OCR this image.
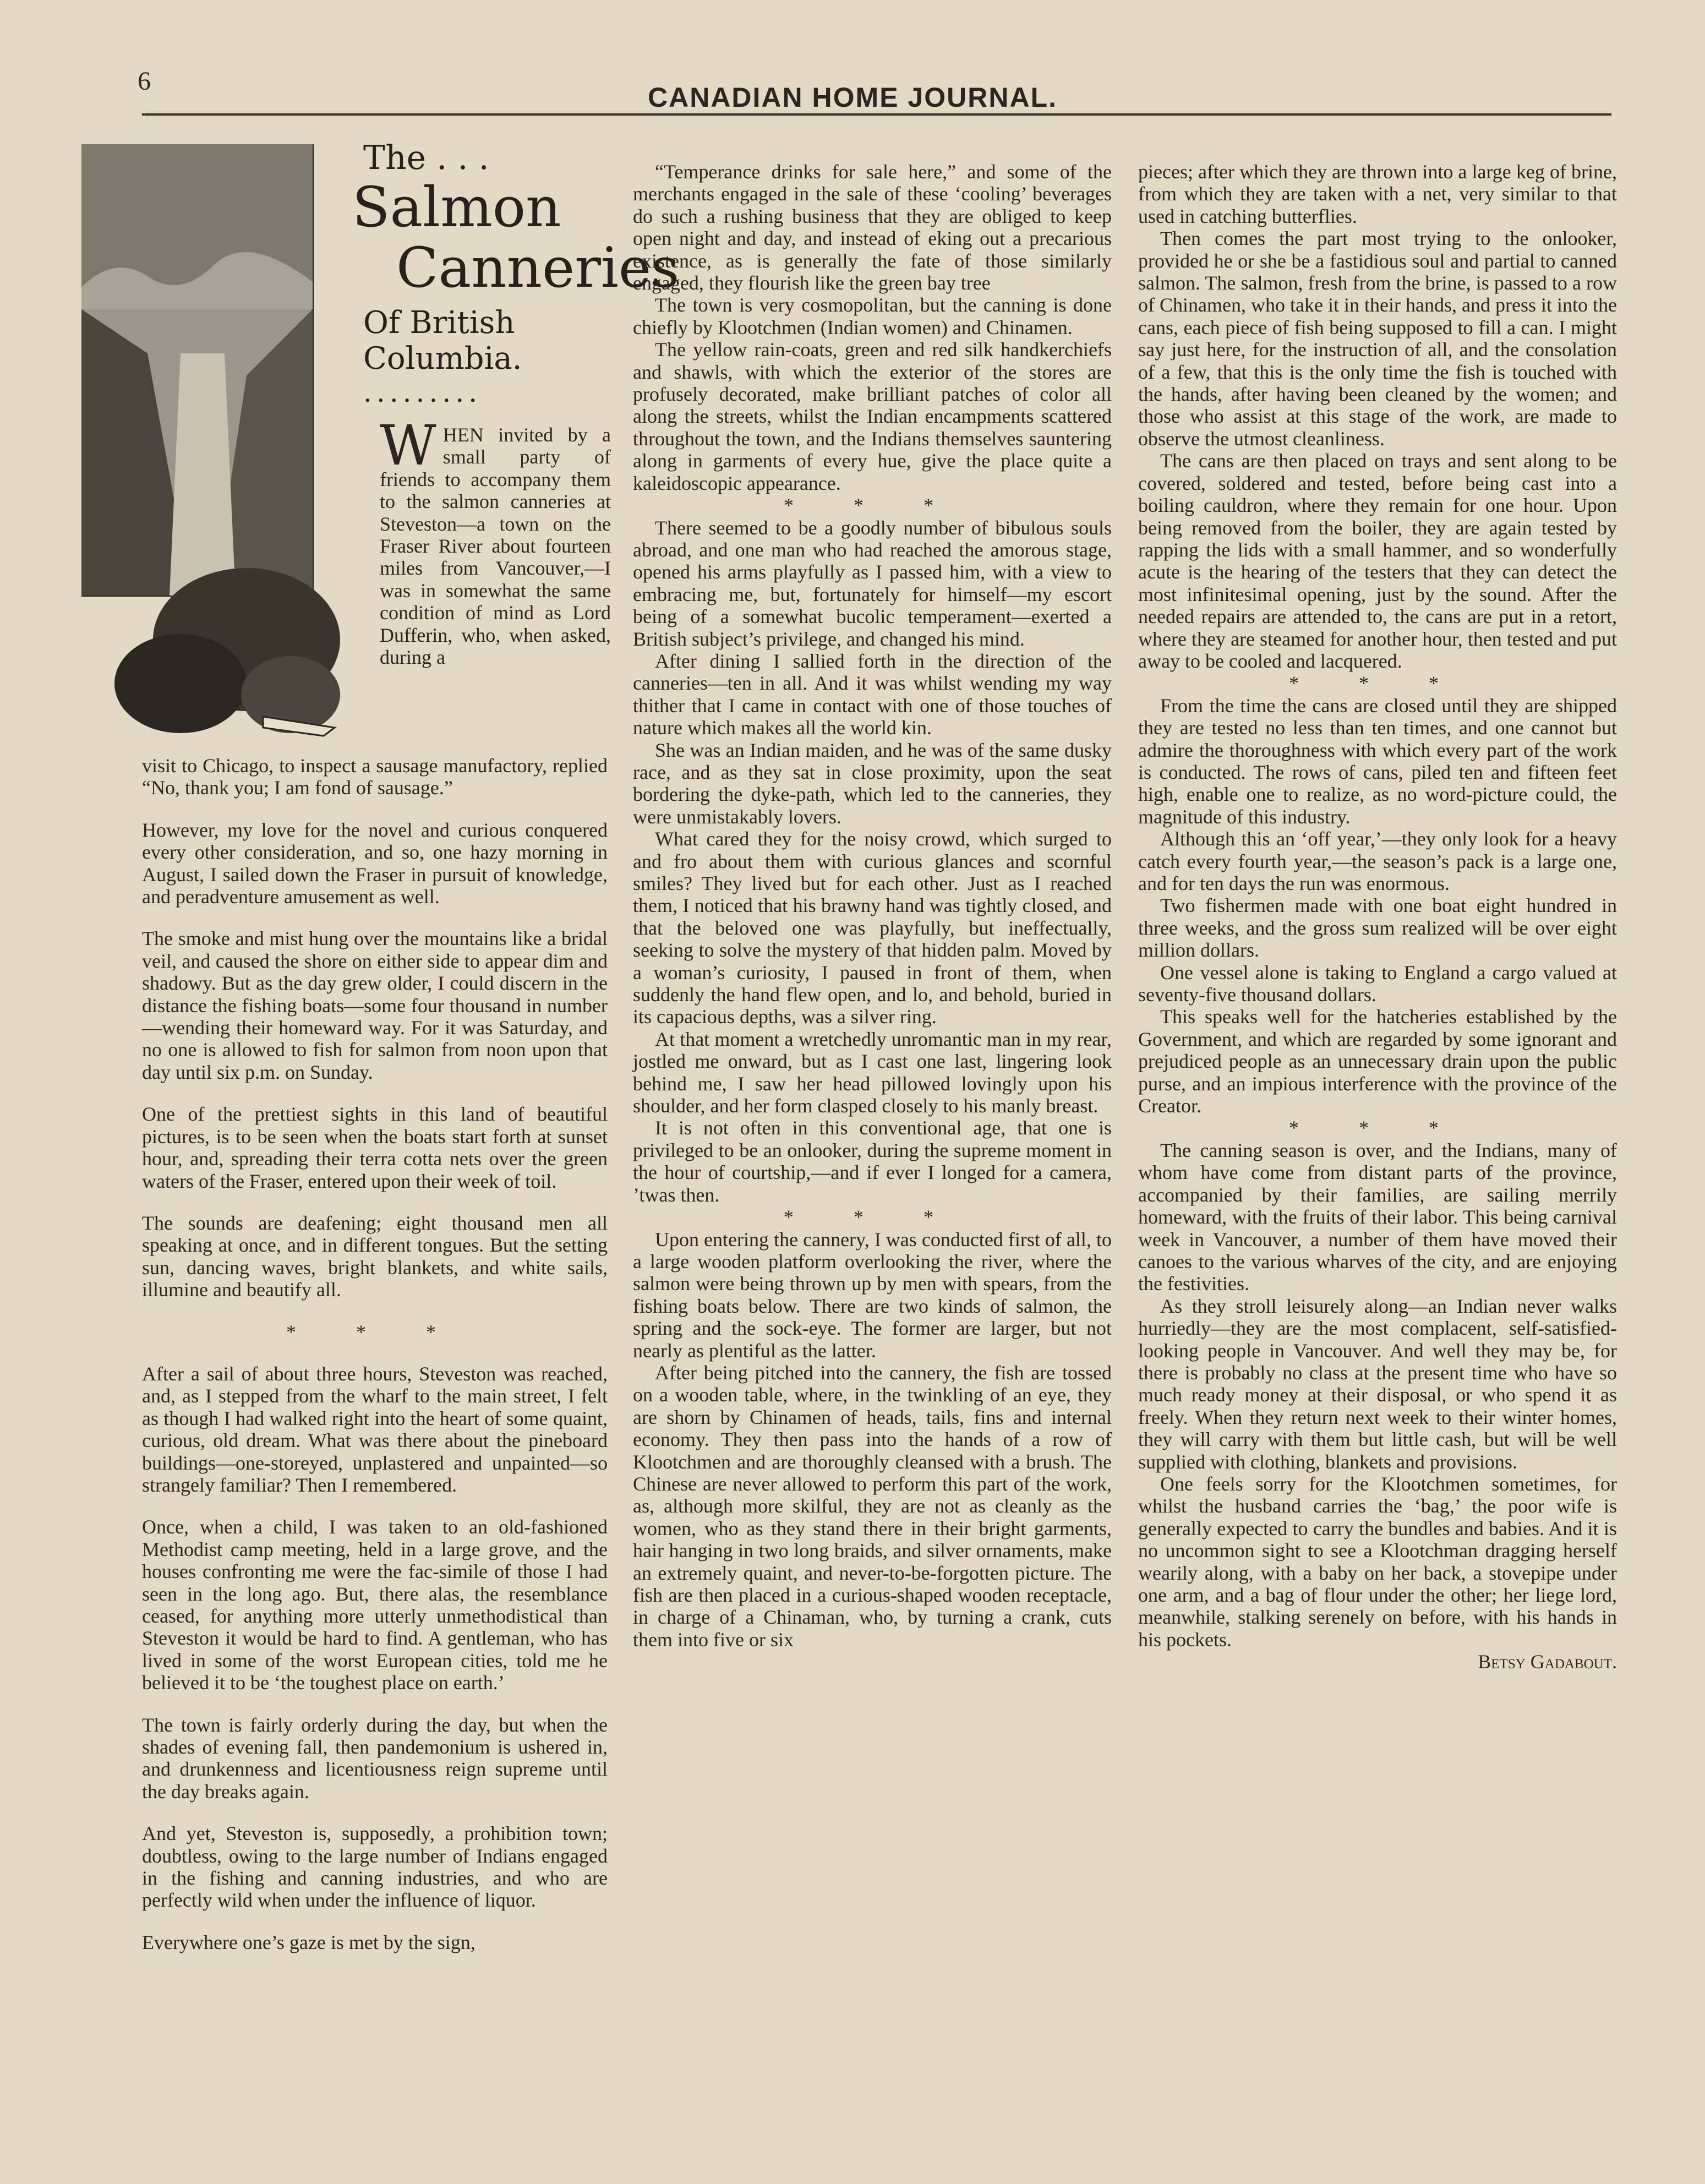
6
CANADIAN HOME JOURNAL.
The . . .
Salmon
Canneries
Of British
Columbia.
.........
WHEN invited by a small party of friends to accompany them to the salmon canneries at Steveston—a town on the Fraser River about fourteen miles from Vancouver,—I was in somewhat the same condition of mind as Lord Dufferin, who, when asked, during a

visit to Chicago, to inspect a sausage manufactory, replied “No, thank you; I am fond of sausage.”

However, my love for the novel and curious conquered every other consideration, and so, one hazy morning in August, I sailed down the Fraser in pursuit of knowledge, and peradventure amusement as well.

The smoke and mist hung over the mountains like a bridal veil, and caused the shore on either side to appear dim and shadowy. But as the day grew older, I could discern in the distance the fishing boats—some four thousand in number—wending their homeward way. For it was Saturday, and no one is allowed to fish for salmon from noon upon that day until six p.m. on Sunday.

One of the prettiest sights in this land of beautiful pictures, is to be seen when the boats start forth at sunset hour, and, spreading their terra cotta nets over the green waters of the Fraser, entered upon their week of toil.

The sounds are deafening; eight thousand men all speaking at once, and in different tongues. But the setting sun, dancing waves, bright blankets, and white sails, illumine and beautify all.

* * *

After a sail of about three hours, Steveston was reached, and, as I stepped from the wharf to the main street, I felt as though I had walked right into the heart of some quaint, curious, old dream. What was there about the pineboard buildings—one-storeyed, unplastered and unpainted—so strangely familiar? Then I remembered.

Once, when a child, I was taken to an old-fashioned Methodist camp meeting, held in a large grove, and the houses confronting me were the fac-simile of those I had seen in the long ago. But, there alas, the resemblance ceased, for anything more utterly unmethodistical than Steveston it would be hard to find. A gentleman, who has lived in some of the worst European cities, told me he believed it to be ‘the toughest place on earth.’

The town is fairly orderly during the day, but when the shades of evening fall, then pandemonium is ushered in, and drunkenness and licentiousness reign supreme until the day breaks again.

And yet, Steveston is, supposedly, a prohibition town; doubtless, owing to the large number of Indians engaged in the fishing and canning industries, and who are perfectly wild when under the influence of liquor.

Everywhere one’s gaze is met by the sign,

“Temperance drinks for sale here,” and some of the merchants engaged in the sale of these ‘cooling’ beverages do such a rushing business that they are obliged to keep open night and day, and instead of eking out a precarious existence, as is generally the fate of those similarly engaged, they flourish like the green bay tree

The town is very cosmopolitan, but the canning is done chiefly by Klootchmen (Indian women) and Chinamen.

The yellow rain-coats, green and red silk handkerchiefs and shawls, with which the exterior of the stores are profusely decorated, make brilliant patches of color all along the streets, whilst the Indian encampments scattered throughout the town, and the Indians themselves sauntering along in garments of every hue, give the place quite a kaleidoscopic appearance.

* * *

There seemed to be a goodly number of bibulous souls abroad, and one man who had reached the amorous stage, opened his arms playfully as I passed him, with a view to embracing me, but, fortunately for himself—my escort being of a somewhat bucolic temperament—exerted a British subject’s privilege, and changed his mind.

After dining I sallied forth in the direction of the canneries—ten in all. And it was whilst wending my way thither that I came in contact with one of those touches of nature which makes all the world kin.

She was an Indian maiden, and he was of the same dusky race, and as they sat in close proximity, upon the seat bordering the dyke-path, which led to the canneries, they were unmistakably lovers.

What cared they for the noisy crowd, which surged to and fro about them with curious glances and scornful smiles? They lived but for each other. Just as I reached them, I noticed that his brawny hand was tightly closed, and that the beloved one was playfully, but ineffectually, seeking to solve the mystery of that hidden palm. Moved by a woman’s curiosity, I paused in front of them, when suddenly the hand flew open, and lo, and behold, buried in its capacious depths, was a silver ring.

At that moment a wretchedly unromantic man in my rear, jostled me onward, but as I cast one last, lingering look behind me, I saw her head pillowed lovingly upon his shoulder, and her form clasped closely to his manly breast.

It is not often in this conventional age, that one is privileged to be an onlooker, during the supreme moment in the hour of courtship,—and if ever I longed for a camera, ’twas then.

* * *

Upon entering the cannery, I was conducted first of all, to a large wooden platform overlooking the river, where the salmon were being thrown up by men with spears, from the fishing boats below. There are two kinds of salmon, the spring and the sock-eye. The former are larger, but not nearly as plentiful as the latter.

After being pitched into the cannery, the fish are tossed on a wooden table, where, in the twinkling of an eye, they are shorn by Chinamen of heads, tails, fins and internal economy. They then pass into the hands of a row of Klootchmen and are thoroughly cleansed with a brush. The Chinese are never allowed to perform this part of the work, as, although more skilful, they are not as cleanly as the women, who as they stand there in their bright garments, hair hanging in two long braids, and silver ornaments, make an extremely quaint, and never-to-be-forgotten picture. The fish are then placed in a curious-shaped wooden receptacle, in charge of a Chinaman, who, by turning a crank, cuts them into five or six

pieces; after which they are thrown into a large keg of brine, from which they are taken with a net, very similar to that used in catching butterflies.

Then comes the part most trying to the onlooker, provided he or she be a fastidious soul and partial to canned salmon. The salmon, fresh from the brine, is passed to a row of Chinamen, who take it in their hands, and press it into the cans, each piece of fish being supposed to fill a can. I might say just here, for the instruction of all, and the consolation of a few, that this is the only time the fish is touched with the hands, after having been cleaned by the women; and those who assist at this stage of the work, are made to observe the utmost cleanliness.

The cans are then placed on trays and sent along to be covered, soldered and tested, before being cast into a boiling cauldron, where they remain for one hour. Upon being removed from the boiler, they are again tested by rapping the lids with a small hammer, and so wonderfully acute is the hearing of the testers that they can detect the most infinitesimal opening, just by the sound. After the needed repairs are attended to, the cans are put in a retort, where they are steamed for another hour, then tested and put away to be cooled and lacquered.

* * *

From the time the cans are closed until they are shipped they are tested no less than ten times, and one cannot but admire the thoroughness with which every part of the work is conducted. The rows of cans, piled ten and fifteen feet high, enable one to realize, as no word-picture could, the magnitude of this industry.

Although this an ‘off year,’—they only look for a heavy catch every fourth year,—the season’s pack is a large one, and for ten days the run was enormous.

Two fishermen made with one boat eight hundred in three weeks, and the gross sum realized will be over eight million dollars.

One vessel alone is taking to England a cargo valued at seventy-five thousand dollars.

This speaks well for the hatcheries established by the Government, and which are regarded by some ignorant and prejudiced people as an unnecessary drain upon the public purse, and an impious interference with the province of the Creator.

* * *

The canning season is over, and the Indians, many of whom have come from distant parts of the province, accompanied by their families, are sailing merrily homeward, with the fruits of their labor. This being carnival week in Vancouver, a number of them have moved their canoes to the various wharves of the city, and are enjoying the festivities.

As they stroll leisurely along—an Indian never walks hurriedly—they are the most complacent, self-satisfied-looking people in Vancouver. And well they may be, for there is probably no class at the present time who have so much ready money at their disposal, or who spend it as freely. When they return next week to their winter homes, they will carry with them but little cash, but will be well supplied with clothing, blankets and provisions.

One feels sorry for the Klootchmen sometimes, for whilst the husband carries the ‘bag,’ the poor wife is generally expected to carry the bundles and babies. And it is no uncommon sight to see a Klootchman dragging herself wearily along, with a baby on her back, a stovepipe under one arm, and a bag of flour under the other; her liege lord, meanwhile, stalking serenely on before, with his hands in his pockets.

Betsy Gadabout.
